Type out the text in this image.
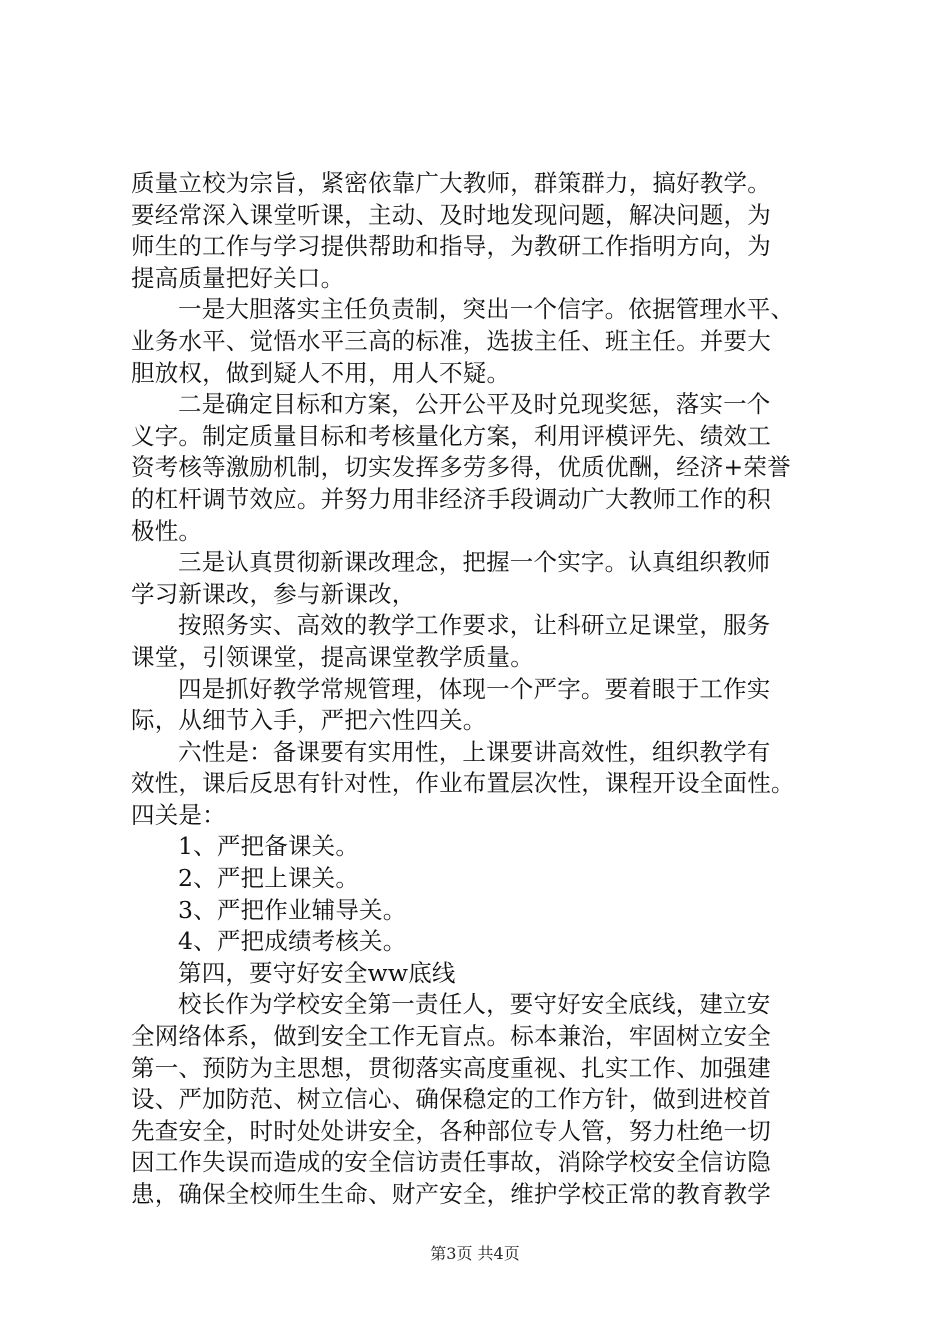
质量立校为宗旨，紧密依靠广大教师，群策群力，搞好教学。
要经常深入课堂听课，主动、及时地发现问题，解决问题，为
师生的工作与学习提供帮助和指导，为教研工作指明方向，为
提高质量把好关口。
一是大胆落实主任负责制，突出一个信字。依据管理水平、
业务水平、觉悟水平三高的标准，选拔主任、班主任。并要大
胆放权，做到疑人不用，用人不疑。
二是确定目标和方案，公开公平及时兑现奖惩，落实一个
义字。制定质量目标和考核量化方案，利用评模评先、绩效工
资考核等激励机制，切实发挥多劳多得，优质优酬，经济+荣誉
的杠杆调节效应。并努力用非经济手段调动广大教师工作的积
极性。
三是认真贯彻新课改理念，把握一个实字。认真组织教师
学习新课改，参与新课改，
按照务实、高效的教学工作要求，让科研立足课堂，服务
课堂，引领课堂，提高课堂教学质量。
四是抓好教学常规管理，体现一个严字。要着眼于工作实
际，从细节入手，严把六性四关。
六性是：备课要有实用性，上课要讲高效性，组织教学有
效性，课后反思有针对性，作业布置层次性，课程开设全面性。
四关是：
1、严把备课关。
2、严把上课关。
3、严把作业辅导关。
4、严把成绩考核关。
第四，要守好安全ww底线
校长作为学校安全第一责任人，要守好安全底线，建立安
全网络体系，做到安全工作无盲点。标本兼治，牢固树立安全
第一、预防为主思想，贯彻落实高度重视、扎实工作、加强建
设、严加防范、树立信心、确保稳定的工作方针，做到进校首
先查安全，时时处处讲安全，各种部位专人管，努力杜绝一切
因工作失误而造成的安全信访责任事故，消除学校安全信访隐
患，确保全校师生生命、财产安全，维护学校正常的教育教学
第3页 共4页
